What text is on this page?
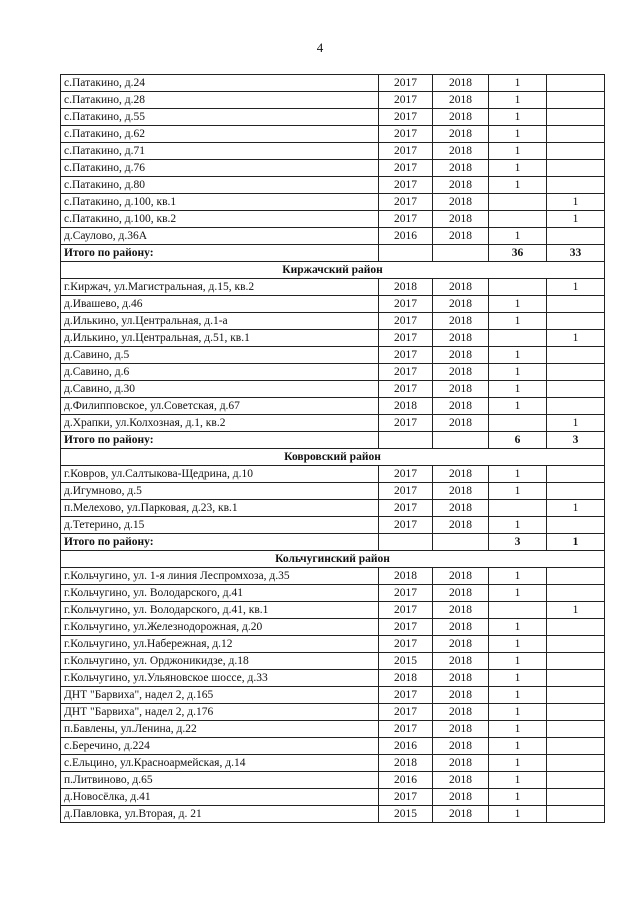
4
с.Патакино, д.24	2017	2018	1	
с.Патакино, д.28	2017	2018	1	
с.Патакино, д.55	2017	2018	1	
с.Патакино, д.62	2017	2018	1	
с.Патакино, д.71	2017	2018	1	
с.Патакино, д.76	2017	2018	1	
с.Патакино, д.80	2017	2018	1	
с.Патакино, д.100, кв.1	2017	2018		1
с.Патакино, д.100, кв.2	2017	2018		1
д.Саулово, д.36А	2016	2018	1	
Итого по району:			36	33
Киржачский район				
г.Киржач, ул.Магистральная, д.15, кв.2	2018	2018		1
д.Ивашево, д.46	2017	2018	1	
д.Илькино, ул.Центральная, д.1-а	2017	2018	1	
д.Илькино, ул.Центральная, д.51, кв.1	2017	2018		1
д.Савино, д.5	2017	2018	1	
д.Савино, д.6	2017	2018	1	
д.Савино, д.30	2017	2018	1	
д.Филипповское, ул.Советская, д.67	2018	2018	1	
д.Храпки, ул.Колхозная, д.1, кв.2	2017	2018		1
Итого по району:			6	3
Ковровский район				
г.Ковров, ул.Салтыкова-Щедрина, д.10	2017	2018	1	
д.Игумново, д.5	2017	2018	1	
п.Мелехово, ул.Парковая, д.23, кв.1	2017	2018		1
д.Тетерино, д.15	2017	2018	1	
Итого по району:			3	1
Кольчугинский район				
г.Кольчугино, ул. 1-я линия Леспромхоза, д.35	2018	2018	1	
г.Кольчугино, ул. Володарского, д.41	2017	2018	1	
г.Кольчугино, ул. Володарского, д.41, кв.1	2017	2018		1
г.Кольчугино, ул.Железнодорожная, д.20	2017	2018	1	
г.Кольчугино, ул.Набережная, д.12	2017	2018	1	
г.Кольчугино, ул. Орджоникидзе, д.18	2015	2018	1	
г.Кольчугино, ул.Ульяновское шоссе, д.33	2018	2018	1	
ДНТ "Барвиха", надел 2, д.165	2017	2018	1	
ДНТ "Барвиха", надел 2, д.176	2017	2018	1	
п.Бавлены, ул.Ленина, д.22	2017	2018	1	
с.Беречино, д.224	2016	2018	1	
с.Ельцино, ул.Красноармейская, д.14	2018	2018	1	
п.Литвиново, д.65	2016	2018	1	
д.Новосёлка, д.41	2017	2018	1	
д.Павловка, ул.Вторая, д. 21	2015	2018	1	
